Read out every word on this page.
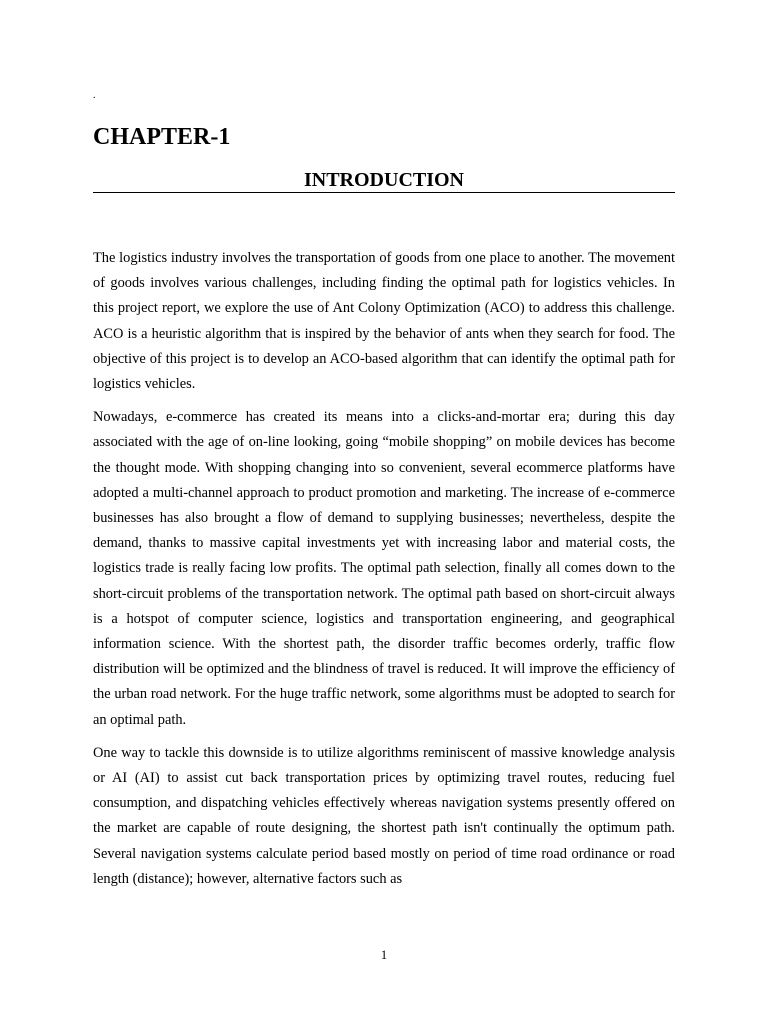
.
CHAPTER-1
INTRODUCTION

The logistics industry involves the transportation of goods from one place to another. The movement of goods involves various challenges, including finding the optimal path for logistics vehicles. In this project report, we explore the use of Ant Colony Optimization (ACO) to address this challenge. ACO is a heuristic algorithm that is inspired by the behavior of ants when they search for food. The objective of this project is to develop an ACO-based algorithm that can identify the optimal path for logistics vehicles.

Nowadays, e-commerce has created its means into a clicks-and-mortar era; during this day associated with the age of on-line looking, going “mobile shopping” on mobile devices has become the thought mode. With shopping changing into so convenient, several ecommerce platforms have adopted a multi-channel approach to product promotion and marketing. The increase of e-commerce businesses has also brought a flow of demand to supplying businesses; nevertheless, despite the demand, thanks to massive capital investments yet with increasing labor and material costs, the logistics trade is really facing low profits. The optimal path selection, finally all comes down to the short-circuit problems of the transportation network. The optimal path based on short-circuit always is a hotspot of computer science, logistics and transportation engineering, and geographical information science. With the shortest path, the disorder traffic becomes orderly, traffic flow distribution will be optimized and the blindness of travel is reduced. It will improve the efficiency of the urban road network. For the huge traffic network, some algorithms must be adopted to search for an optimal path.

One way to tackle this downside is to utilize algorithms reminiscent of massive knowledge analysis or AI (AI) to assist cut back transportation prices by optimizing travel routes, reducing fuel consumption, and dispatching vehicles effectively whereas navigation systems presently offered on the market are capable of route designing, the shortest path isn't continually the optimum path. Several navigation systems calculate period based mostly on period of time road ordinance or road length (distance); however, alternative factors such as

1
